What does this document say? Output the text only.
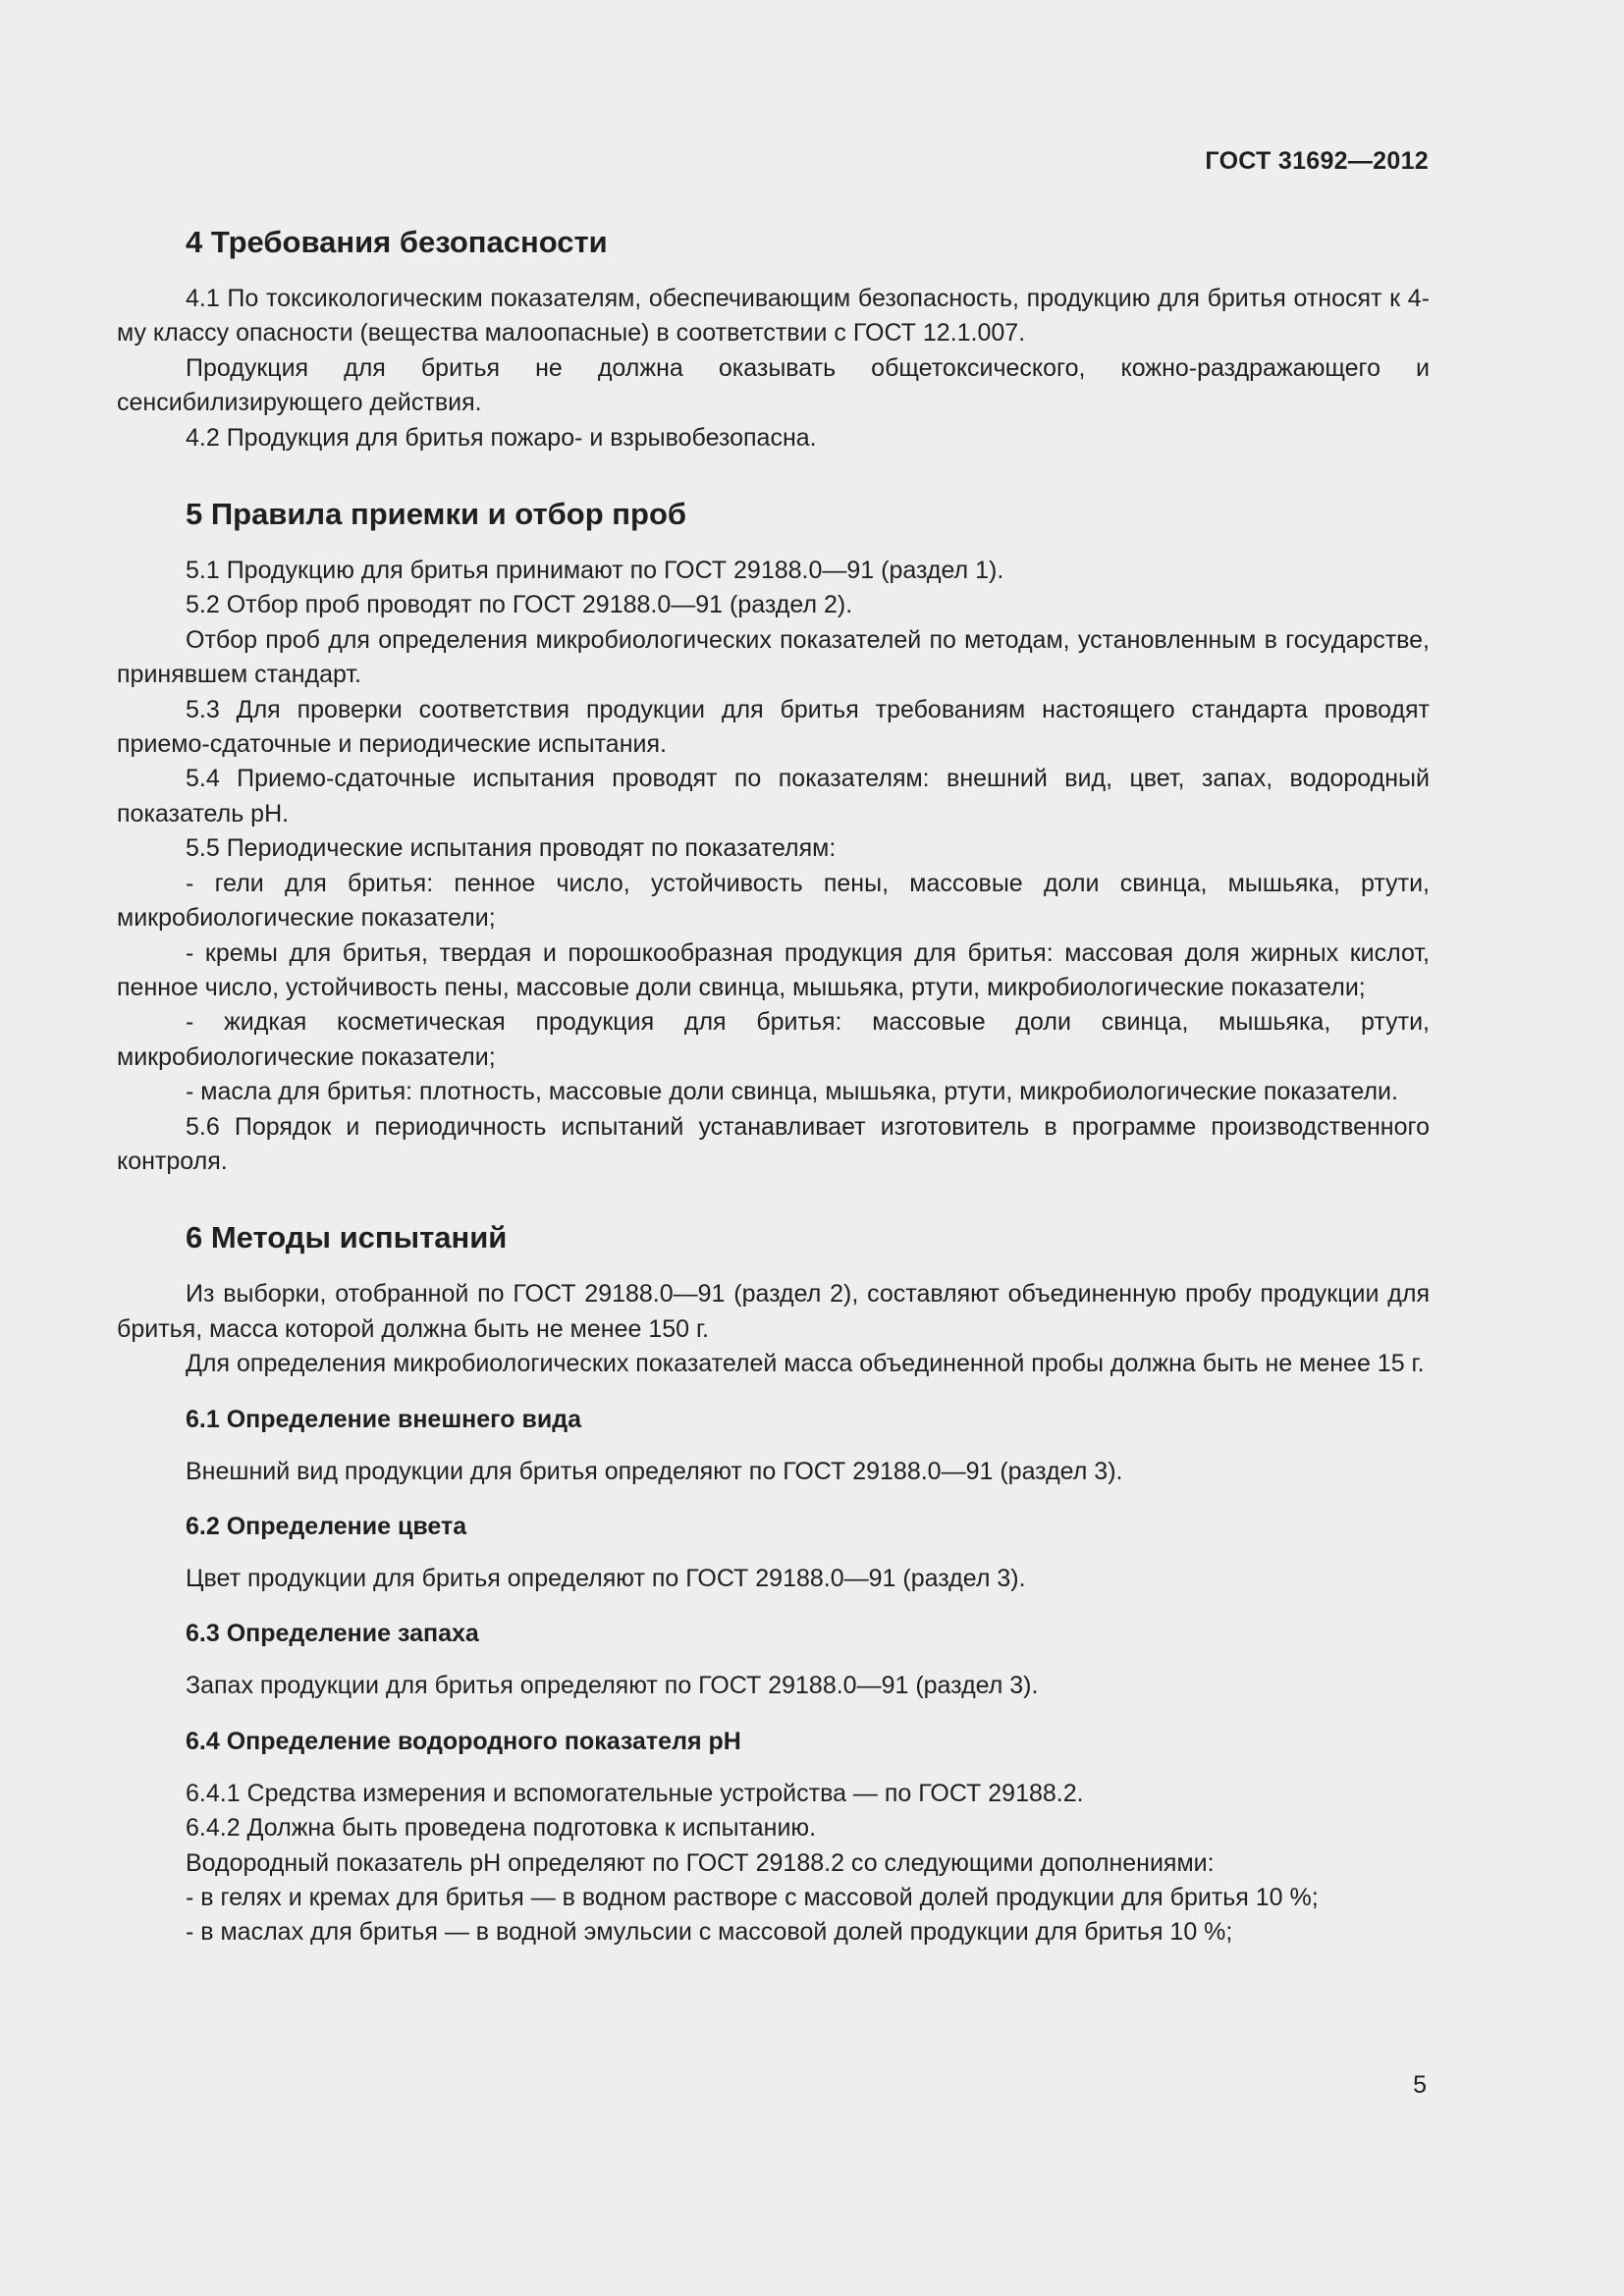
ГОСТ 31692—2012
4 Требования безопасности

4.1 По токсикологическим показателям, обеспечивающим безопасность, продукцию для бритья относят к 4-му классу опасности (вещества малоопасные) в соответствии с ГОСТ 12.1.007.

Продукция для бритья не должна оказывать общетоксического, кожно-раздражающего и сенсибилизирующего действия.

4.2 Продукция для бритья пожаро- и взрывобезопасна.

5 Правила приемки и отбор проб

5.1 Продукцию для бритья принимают по ГОСТ 29188.0—91 (раздел 1).

5.2 Отбор проб проводят по ГОСТ 29188.0—91 (раздел 2).

Отбор проб для определения микробиологических показателей по методам, установленным в государстве, принявшем стандарт.

5.3 Для проверки соответствия продукции для бритья требованиям настоящего стандарта проводят приемо-сдаточные и периодические испытания.

5.4 Приемо-сдаточные испытания проводят по показателям: внешний вид, цвет, запах, водородный показатель рН.

5.5 Периодические испытания проводят по показателям:

- гели для бритья: пенное число, устойчивость пены, массовые доли свинца, мышьяка, ртути, микробиологические показатели;

- кремы для бритья, твердая и порошкообразная продукция для бритья: массовая доля жирных кислот, пенное число, устойчивость пены, массовые доли свинца, мышьяка, ртути, микробиологические показатели;

- жидкая косметическая продукция для бритья: массовые доли свинца, мышьяка, ртути, микробиологические показатели;

- масла для бритья: плотность, массовые доли свинца, мышьяка, ртути, микробиологические показатели.

5.6 Порядок и периодичность испытаний устанавливает изготовитель в программе производственного контроля.

6 Методы испытаний

Из выборки, отобранной по ГОСТ 29188.0—91 (раздел 2), составляют объединенную пробу продукции для бритья, масса которой должна быть не менее 150 г.

Для определения микробиологических показателей масса объединенной пробы должна быть не менее 15 г.

6.1 Определение внешнего вида

Внешний вид продукции для бритья определяют по ГОСТ 29188.0—91 (раздел 3).

6.2 Определение цвета

Цвет продукции для бритья определяют по ГОСТ 29188.0—91 (раздел 3).

6.3 Определение запаха

Запах продукции для бритья определяют по ГОСТ 29188.0—91 (раздел 3).

6.4 Определение водородного показателя рН

6.4.1 Средства измерения и вспомогательные устройства — по ГОСТ 29188.2.

6.4.2 Должна быть проведена подготовка к испытанию.

Водородный показатель рН определяют по ГОСТ 29188.2 со следующими дополнениями:

- в гелях и кремах для бритья — в водном растворе с массовой долей продукции для бритья 10 %;

- в маслах для бритья — в водной эмульсии с массовой долей продукции для бритья 10 %;

5
